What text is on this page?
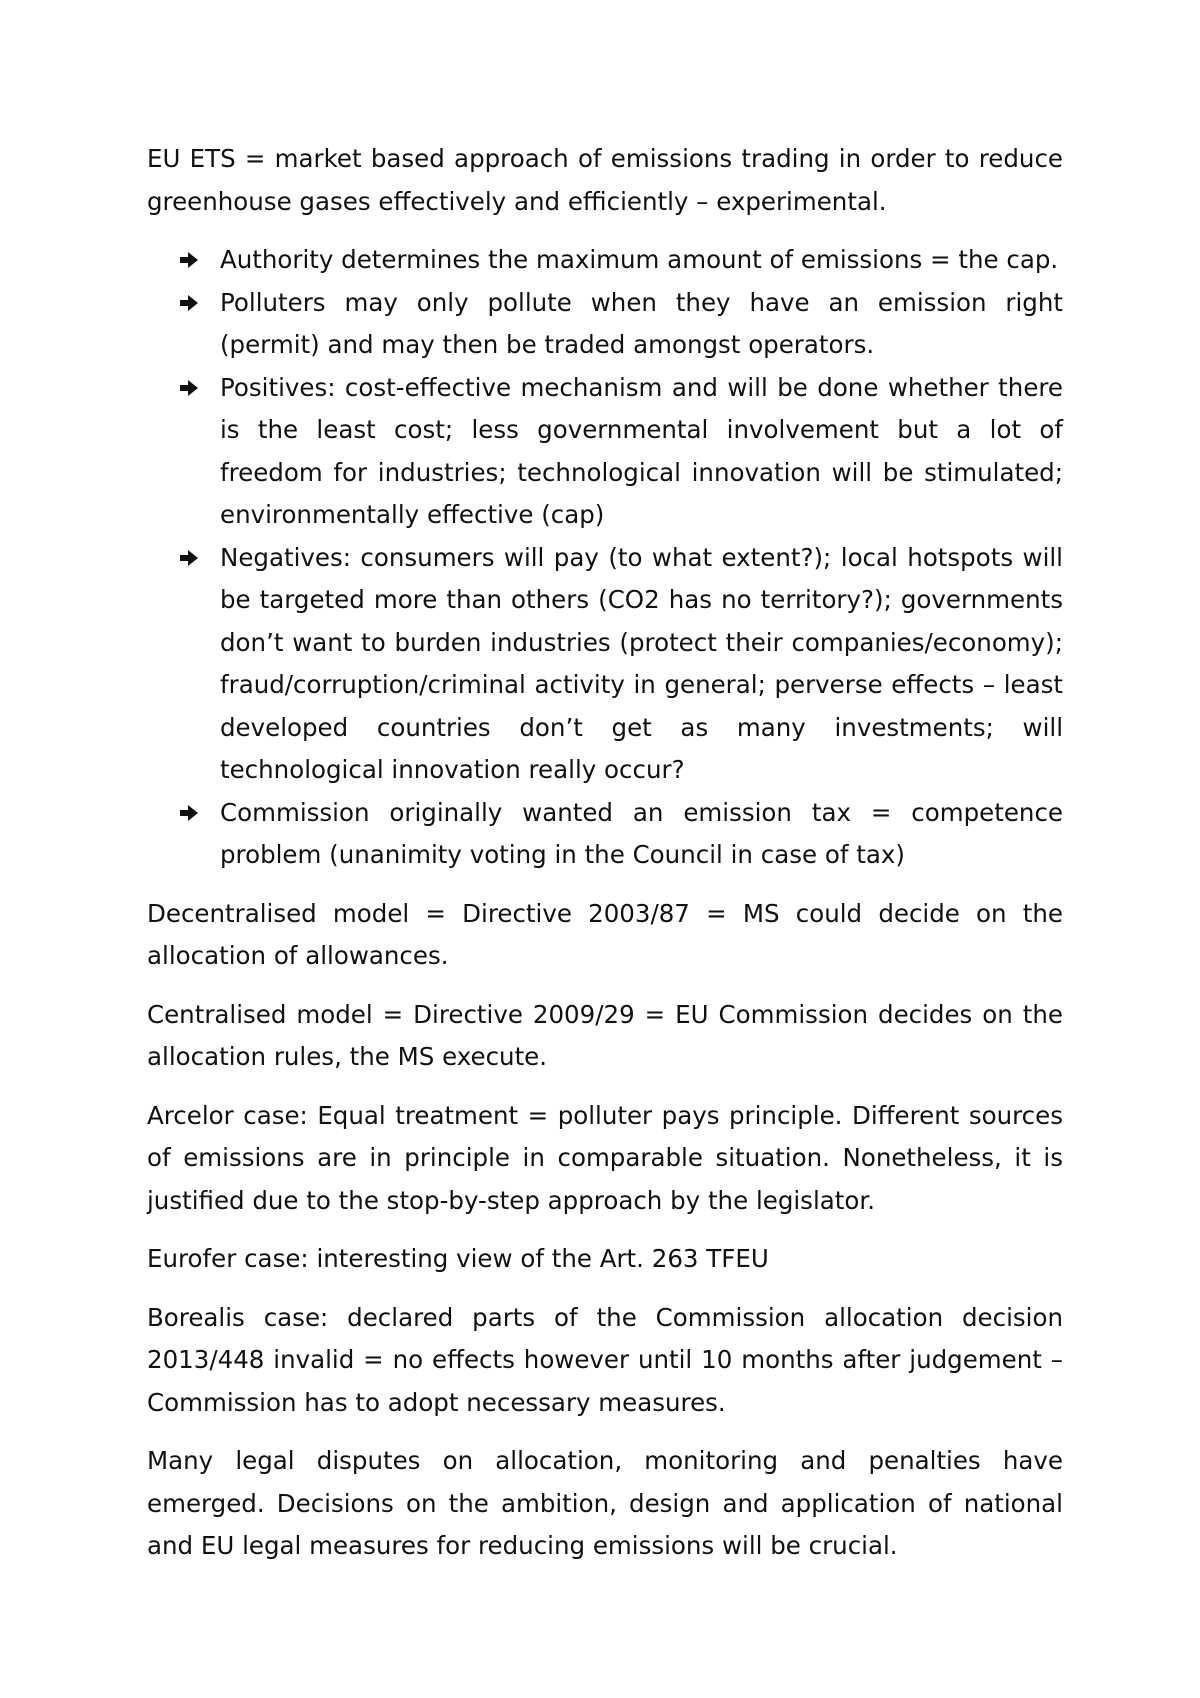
EU ETS = market based approach of emissions trading in order to reduce greenhouse gases effectively and efficiently – experimental.

Authority determines the maximum amount of emissions = the cap.
Polluters may only pollute when they have an emission right (permit) and may then be traded amongst operators.
Positives: cost-effective mechanism and will be done whether there is the least cost; less governmental involvement but a lot of freedom for industries; technological innovation will be stimulated; environmentally effective (cap)
Negatives: consumers will pay (to what extent?); local hotspots will be targeted more than others (CO2 has no territory?); governments don’t want to burden industries (protect their companies/economy); fraud/corruption/criminal activity in general; perverse effects – least developed countries don’t get as many investments; will technological innovation really occur?
Commission originally wanted an emission tax = competence problem (unanimity voting in the Council in case of tax)

Decentralised model = Directive 2003/87 = MS could decide on the allocation of allowances.

Centralised model = Directive 2009/29 = EU Commission decides on the allocation rules, the MS execute.

Arcelor case: Equal treatment = polluter pays principle. Different sources of emissions are in principle in comparable situation. Nonetheless, it is justified due to the stop-by-step approach by the legislator.

Eurofer case: interesting view of the Art. 263 TFEU

Borealis case: declared parts of the Commission allocation decision 2013/448 invalid = no effects however until 10 months after judgement – Commission has to adopt necessary measures.

Many legal disputes on allocation, monitoring and penalties have emerged. Decisions on the ambition, design and application of national and EU legal measures for reducing emissions will be crucial.
